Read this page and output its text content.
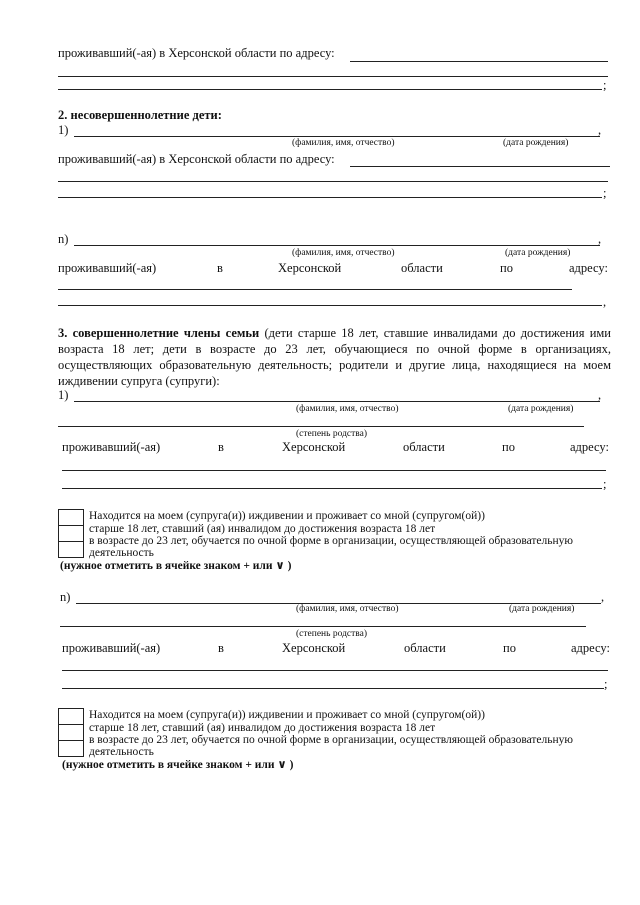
проживавший(-ая) в Херсонской области по адресу:
;
2. несовершеннолетние дети:
1)	,
(фамилия, имя, отчество)	(дата рождения)
проживавший(-ая) в Херсонской области по адресу:
;
n)	,
(фамилия, имя, отчество)	(дата рождения)
проживавший(-ая)	в	Херсонской	области	по	адресу:
,
3. совершеннолетние члены семьи (дети старше 18 лет, ставшие инвалидами до достижения ими возраста 18 лет; дети в возрасте до 23 лет, обучающиеся по очной форме в организациях, осуществляющих образовательную деятельность; родители и другие лица, находящиеся на моем иждивении супруга (супруги):
1)	,
(фамилия, имя, отчество)	(дата рождения)
(степень родства)
проживавший(-ая)	в	Херсонской	области	по	адресу:
;
Находится на моем (супруга(и)) иждивении и проживает со мной (супругом(ой))
старше 18 лет, ставший (ая) инвалидом до достижения возраста 18 лет
в возрасте до 23 лет, обучается по очной форме в организации, осуществляющей образовательную
деятельность
(нужное отметить в ячейке знаком + или ∨ )
n)	,
(фамилия, имя, отчество)	(дата рождения)
(степень родства)
проживавший(-ая)	в	Херсонской	области	по	адресу:
;
Находится на моем (супруга(и)) иждивении и проживает со мной (супругом(ой))
старше 18 лет, ставший (ая) инвалидом до достижения возраста 18 лет
в возрасте до 23 лет, обучается по очной форме в организации, осуществляющей образовательную
деятельность
(нужное отметить в ячейке знаком + или ∨ )
